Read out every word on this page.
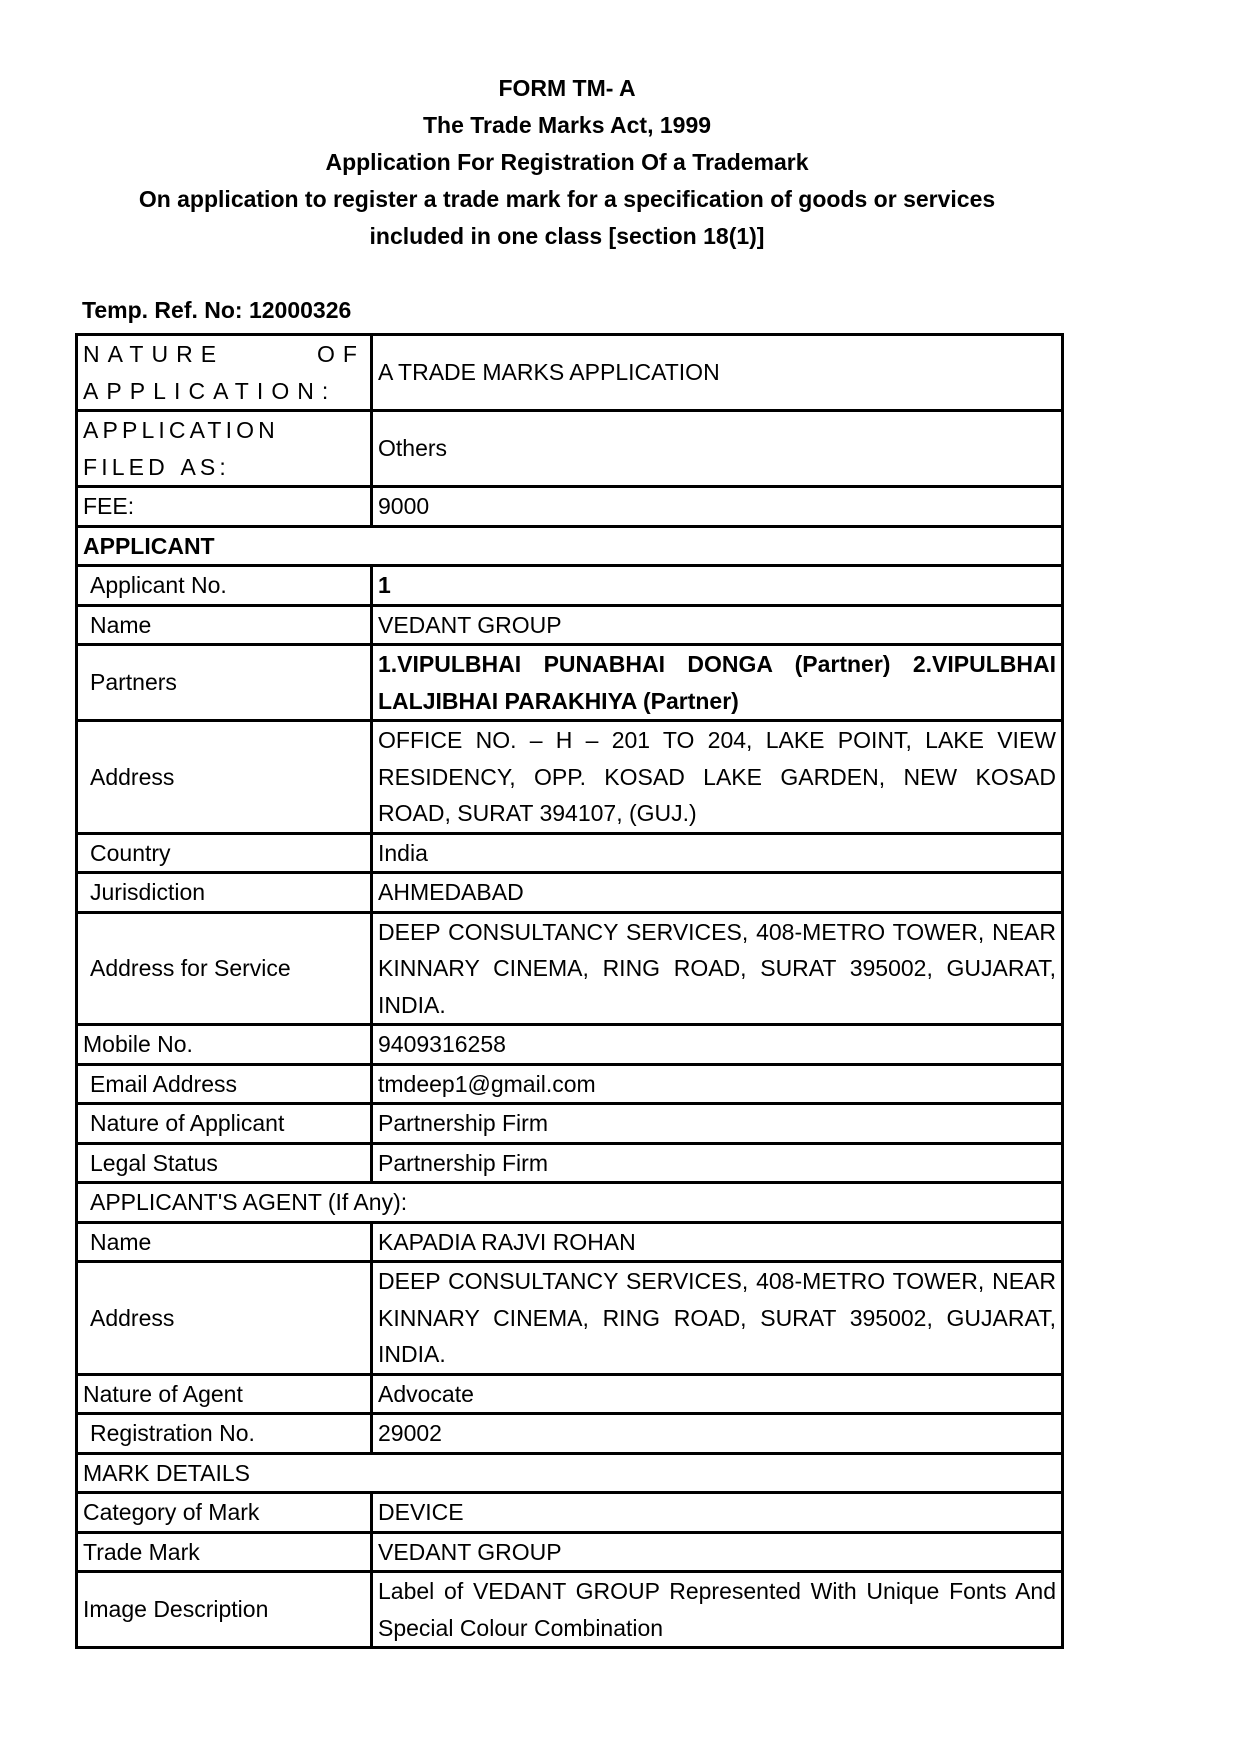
FORM TM- A

The Trade Marks Act, 1999

Application For Registration Of a Trademark

On application to register a trade mark for a specification of goods or services

included in one class [section 18(1)]

Temp. Ref. No: 12000326
NATURE OF
APPLICATION:	A TRADE MARKS APPLICATION
APPLICATION FILED AS:	Others
FEE:	9000
APPLICANT	
Applicant No.	1
Name	VEDANT GROUP
Partners	1.VIPULBHAI PUNABHAI DONGA (Partner) 2.VIPULBHAI LALJIBHAI PARAKHIYA (Partner)
Address	OFFICE NO. – H – 201 TO 204, LAKE POINT, LAKE VIEW RESIDENCY, OPP. KOSAD LAKE GARDEN, NEW KOSAD ROAD, SURAT 394107, (GUJ.)
Country	India
Jurisdiction	AHMEDABAD
Address for Service	DEEP CONSULTANCY SERVICES, 408-METRO TOWER, NEAR KINNARY CINEMA, RING ROAD, SURAT 395002, GUJARAT, INDIA.
Mobile No.	9409316258
Email Address	tmdeep1@gmail.com
Nature of Applicant	Partnership Firm
Legal Status	Partnership Firm
APPLICANT'S AGENT (If Any):	
Name	KAPADIA RAJVI ROHAN
Address	DEEP CONSULTANCY SERVICES, 408-METRO TOWER, NEAR KINNARY CINEMA, RING ROAD, SURAT 395002, GUJARAT, INDIA.
Nature of Agent	Advocate
Registration No.	29002
MARK DETAILS	
Category of Mark	DEVICE
Trade Mark	VEDANT GROUP
Image Description	Label of VEDANT GROUP Represented With Unique Fonts And Special Colour Combination
